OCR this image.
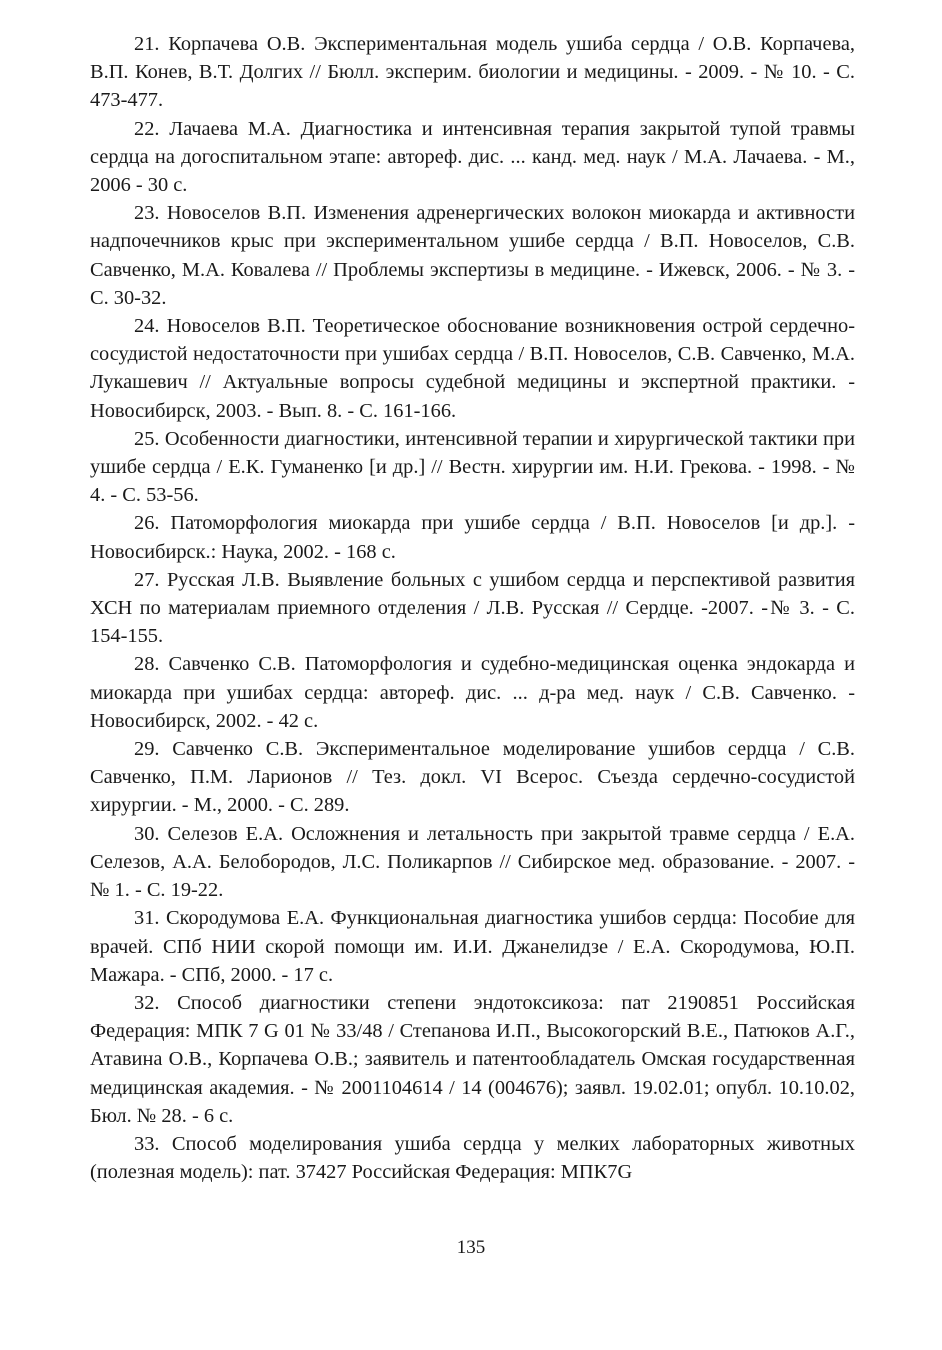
21. Корпачева О.В. Экспериментальная модель ушиба сердца / О.В. Корпачева, В.П. Конев, В.Т. Долгих // Бюлл. эксперим. биологии и медицины. - 2009. - № 10. - С. 473-477.

22. Лачаева М.А. Диагностика и интенсивная терапия закрытой тупой травмы сердца на догоспитальном этапе: автореф. дис. ... канд. мед. наук / М.А. Лачаева. - М., 2006 - 30 с.

23. Новоселов В.П. Изменения адренергических волокон миокарда и активности надпочечников крыс при экспериментальном ушибе сердца / В.П. Новоселов, С.В. Савченко, М.А. Ковалева // Проблемы экспертизы в медицине. - Ижевск, 2006. - № 3. - С. 30-32.

24. Новоселов В.П. Теоретическое обоснование возникновения острой сердечно-сосудистой недостаточности при ушибах сердца / В.П. Новоселов, С.В. Савченко, М.А. Лукашевич // Актуальные вопросы судебной медицины и экспертной практики. - Новосибирск, 2003. - Вып. 8. - С. 161-166.

25. Особенности диагностики, интенсивной терапии и хирургической тактики при ушибе сердца / Е.К. Гуманенко [и др.] // Вестн. хирургии им. Н.И. Грекова. - 1998. - № 4. - С. 53-56.

26. Патоморфология миокарда при ушибе сердца / В.П. Новоселов [и др.]. - Новосибирск.: Наука, 2002. - 168 с.

27. Русская Л.В. Выявление больных с ушибом сердца и перспективой развития ХСН по материалам приемного отделения / Л.В. Русская // Сердце. -2007. -№ 3. - С. 154-155.

28. Савченко С.В. Патоморфология и судебно-медицинская оценка эндокарда и миокарда при ушибах сердца: автореф. дис. ... д-ра мед. наук / С.В. Савченко. - Новосибирск, 2002. - 42 с.

29. Савченко С.В. Экспериментальное моделирование ушибов сердца / С.В. Савченко, П.М. Ларионов // Тез. докл. VI Всерос. Съезда сердечно-сосудистой хирургии. - М., 2000. - С. 289.

30. Селезов Е.А. Осложнения и летальность при закрытой травме сердца / Е.А. Селезов, А.А. Белобородов, Л.С. Поликарпов // Сибирское мед. образование. - 2007. - № 1. - С. 19-22.

31. Скородумова Е.А. Функциональная диагностика ушибов сердца: Пособие для врачей. СПб НИИ скорой помощи им. И.И. Джанелидзе / Е.А. Скородумова, Ю.П. Мажара. - СПб, 2000. - 17 с.

32. Способ диагностики степени эндотоксикоза: пат 2190851 Российская Федерация: МПК 7 G 01 № 33/48 / Степанова И.П., Высокогорский В.Е., Патюков А.Г., Атавина О.В., Корпачева О.В.; заявитель и патентообладатель Омская государственная медицинская академия. - № 2001104614 / 14 (004676); заявл. 19.02.01; опубл. 10.10.02, Бюл. № 28. - 6 с.

33. Способ моделирования ушиба сердца у мелких лабораторных животных (полезная модель): пат. 37427 Российская Федерация: МПК7G

135
